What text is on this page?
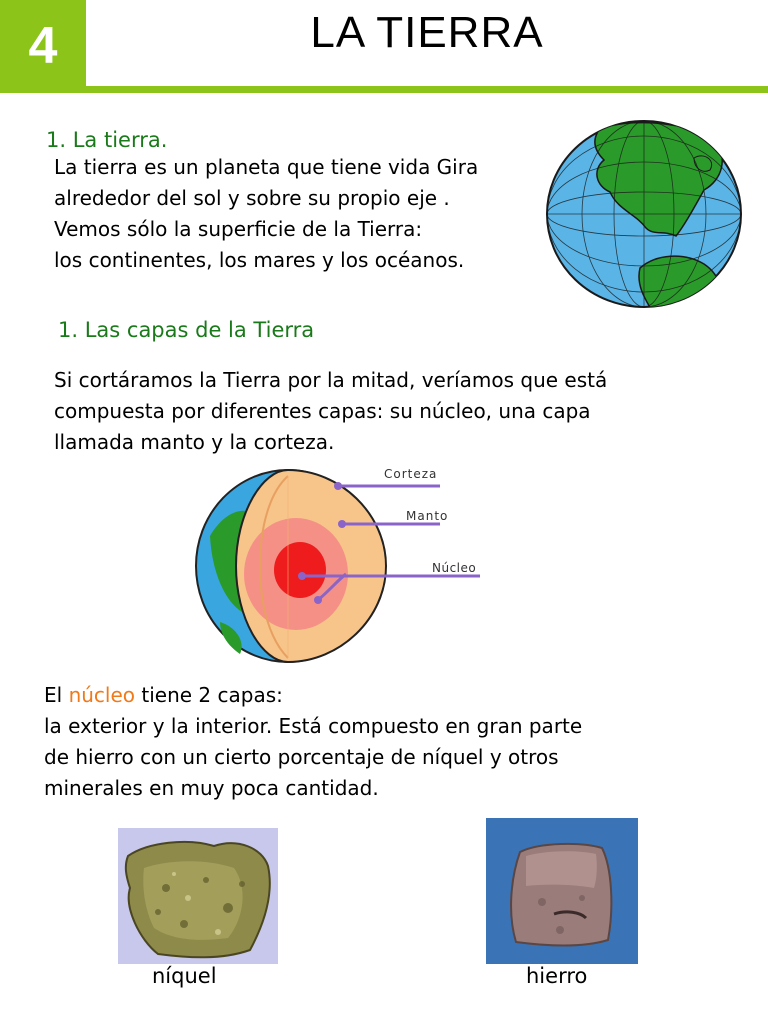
4	LA TIERRA
1. La tierra.
La tierra es un planeta que tiene vida Gira
alrededor del sol y sobre su propio eje .
Vemos sólo la superficie de la Tierra:
los continentes, los mares y los océanos.
1. Las capas de la Tierra
Si cortáramos la Tierra por la mitad, veríamos que está
compuesta por diferentes capas: su núcleo, una capa
llamada manto y la corteza.
Corteza
Manto
Núcleo
El núcleo tiene 2 capas:
la exterior y la interior. Está compuesto en gran parte
de hierro con un cierto porcentaje de níquel y otros
minerales en muy poca cantidad.
níquel	hierro
